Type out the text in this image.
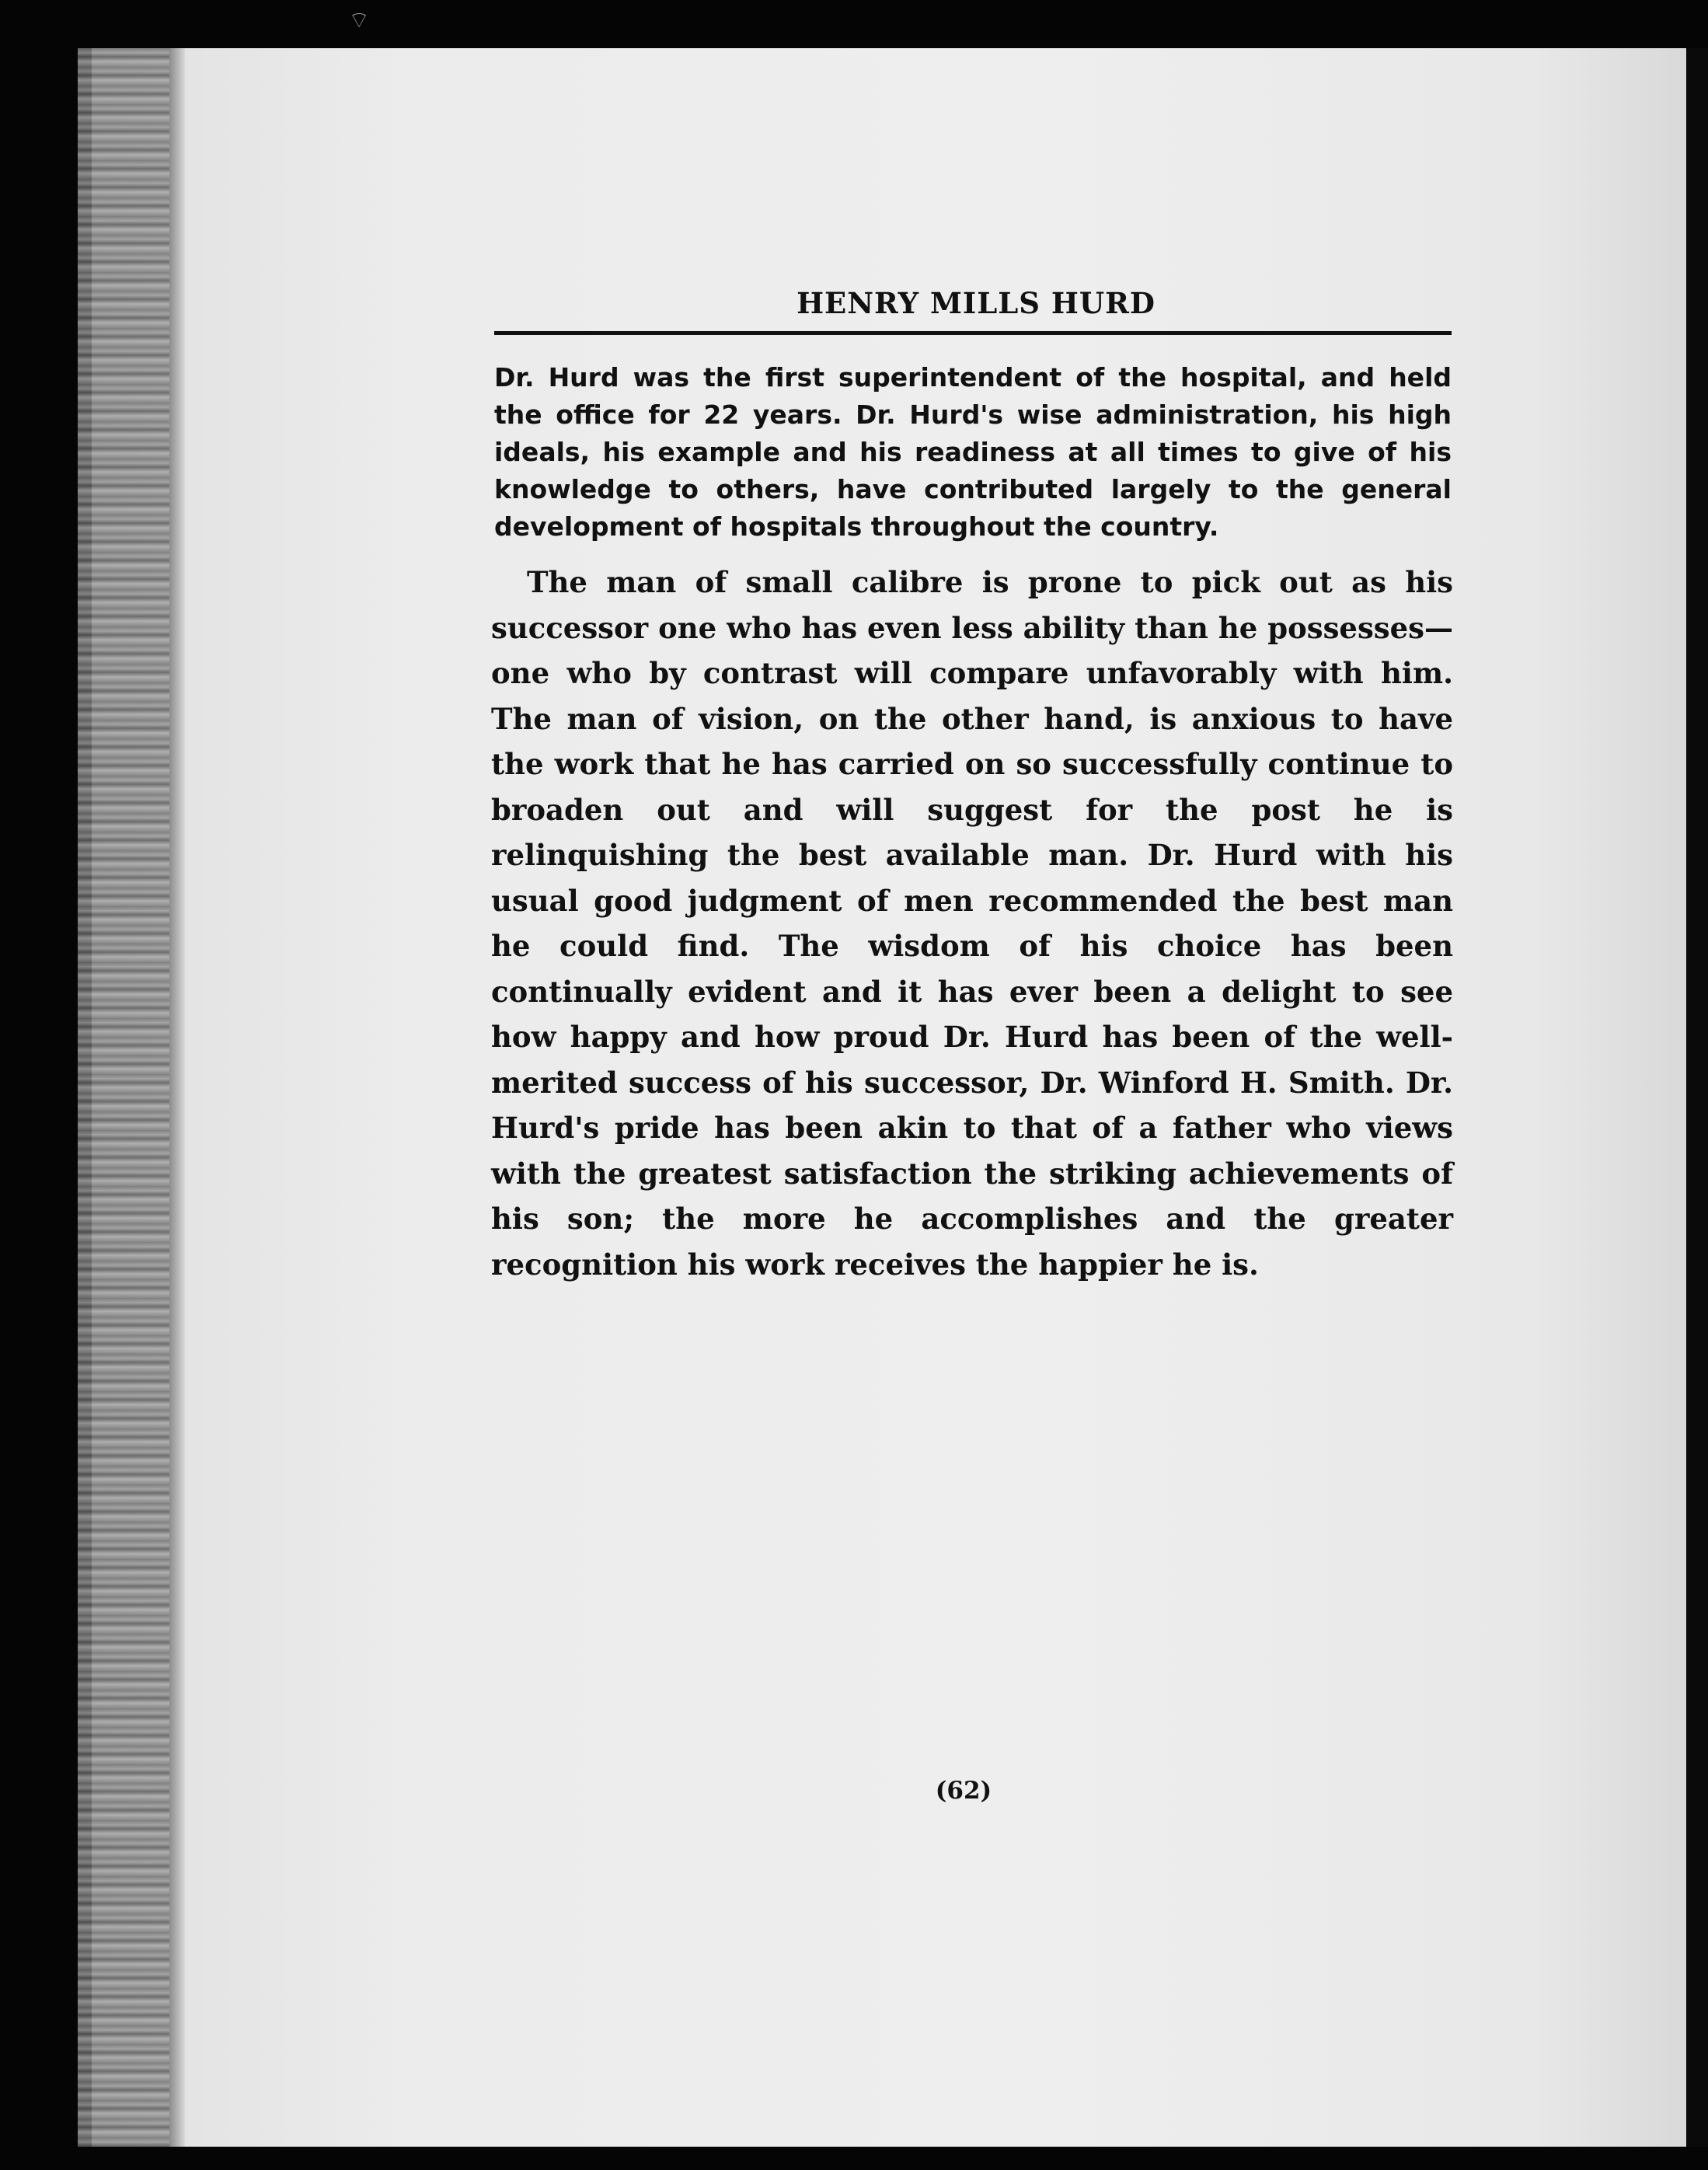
⌔
HENRY MILLS HURD

Dr. Hurd was the first superintendent of the hospital, and held the office for 22 years. Dr. Hurd's wise administration, his high ideals, his example and his readiness at all times to give of his knowledge to others, have contributed largely to the general development of hospitals throughout the country.

The man of small calibre is prone to pick out as his successor one who has even less ability than he possesses—one who by contrast will compare unfavorably with him. The man of vision, on the other hand, is anxious to have the work that he has carried on so successfully continue to broaden out and will suggest for the post he is relinquishing the best available man. Dr. Hurd with his usual good judgment of men recommended the best man he could find. The wisdom of his choice has been continually evident and it has ever been a delight to see how happy and how proud Dr. Hurd has been of the well-merited success of his successor, Dr. Winford H. Smith. Dr. Hurd's pride has been akin to that of a father who views with the greatest satisfaction the striking achievements of his son; the more he accomplishes and the greater recognition his work receives the happier he is.

(62)
